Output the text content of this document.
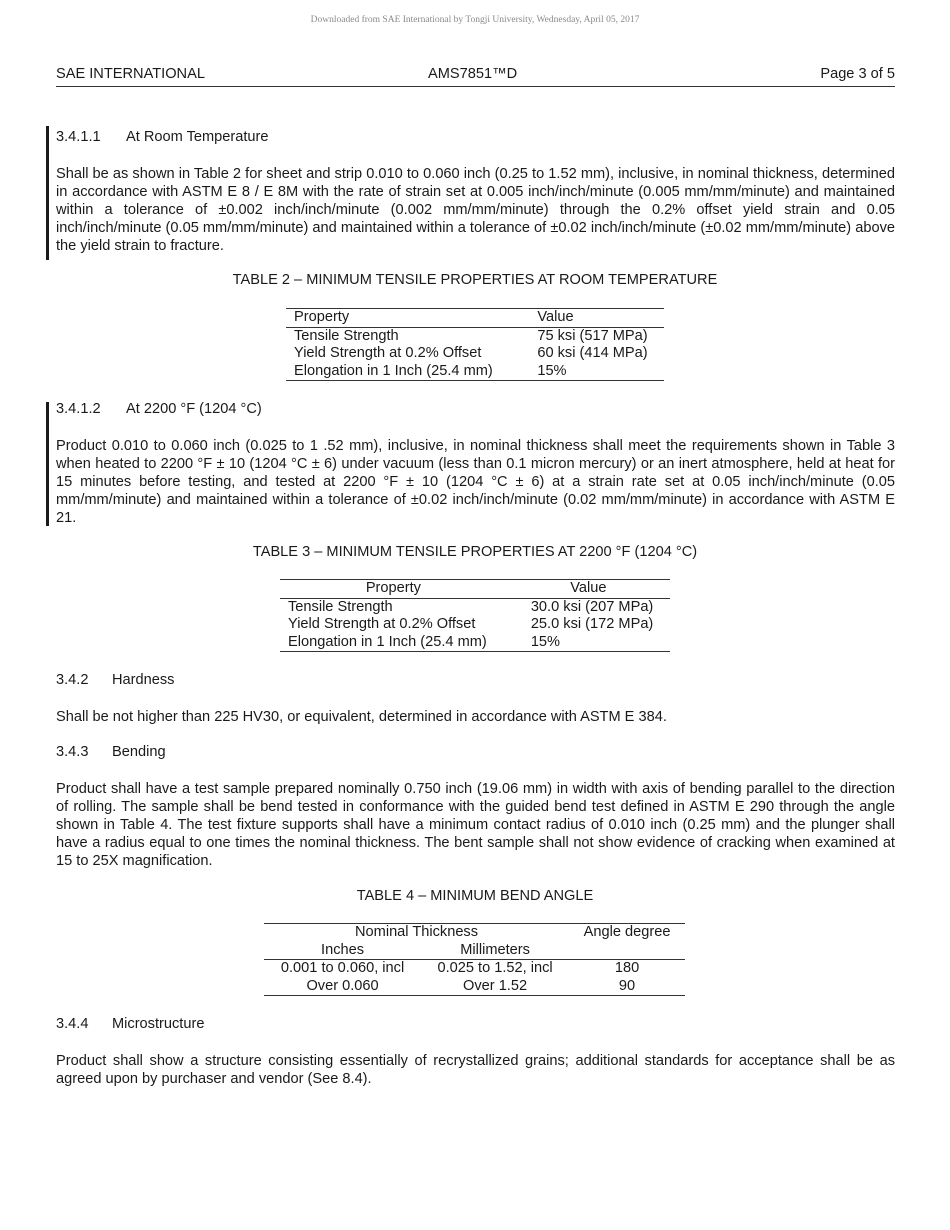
Downloaded from SAE International by Tongji University, Wednesday, April 05, 2017
SAE INTERNATIONAL	AMS7851™D	Page 3 of 5
3.4.1.1 At Room Temperature
Shall be as shown in Table 2 for sheet and strip 0.010 to 0.060 inch (0.25 to 1.52 mm), inclusive, in nominal thickness, determined in accordance with ASTM E 8 / E 8M with the rate of strain set at 0.005 inch/inch/minute (0.005 mm/mm/minute) and maintained within a tolerance of ±0.002 inch/inch/minute (0.002 mm/mm/minute) through the 0.2% offset yield strain and 0.05 inch/inch/minute (0.05 mm/mm/minute) and maintained within a tolerance of ±0.02 inch/inch/minute (±0.02 mm/mm/minute) above the yield strain to fracture.
TABLE 2 – MINIMUM TENSILE PROPERTIES AT ROOM TEMPERATURE
Property	Value
Tensile Strength	75 ksi (517 MPa)
Yield Strength at 0.2% Offset	60 ksi (414 MPa)
Elongation in 1 Inch (25.4 mm)	15%
3.4.1.2 At 2200 °F (1204 °C)
Product 0.010 to 0.060 inch (0.025 to 1 .52 mm), inclusive, in nominal thickness shall meet the requirements shown in Table 3 when heated to 2200 °F ± 10 (1204 °C ± 6) under vacuum (less than 0.1 micron mercury) or an inert atmosphere, held at heat for 15 minutes before testing, and tested at 2200 °F ± 10 (1204 °C ± 6) at a strain rate set at 0.05 inch/inch/minute (0.05 mm/mm/minute) and maintained within a tolerance of ±0.02 inch/inch/minute (0.02 mm/mm/minute) in accordance with ASTM E 21.
TABLE 3 – MINIMUM TENSILE PROPERTIES AT 2200 °F (1204 °C)
Property	Value
Tensile Strength	30.0 ksi (207 MPa)
Yield Strength at 0.2% Offset	25.0 ksi (172 MPa)
Elongation in 1 Inch (25.4 mm)	15%
3.4.2 Hardness
Shall be not higher than 225 HV30, or equivalent, determined in accordance with ASTM E 384.
3.4.3 Bending
Product shall have a test sample prepared nominally 0.750 inch (19.06 mm) in width with axis of bending parallel to the direction of rolling. The sample shall be bend tested in conformance with the guided bend test defined in ASTM E 290 through the angle shown in Table 4. The test fixture supports shall have a minimum contact radius of 0.010 inch (0.25 mm) and the plunger shall have a radius equal to one times the nominal thickness. The bent sample shall not show evidence of cracking when examined at 15 to 25X magnification.
TABLE 4 – MINIMUM BEND ANGLE
Nominal Thickness		Angle degree
Inches	Millimeters	
0.001 to 0.060, incl	0.025 to 1.52, incl	180
Over 0.060	Over 1.52	90
3.4.4 Microstructure
Product shall show a structure consisting essentially of recrystallized grains; additional standards for acceptance shall be as agreed upon by purchaser and vendor (See 8.4).
